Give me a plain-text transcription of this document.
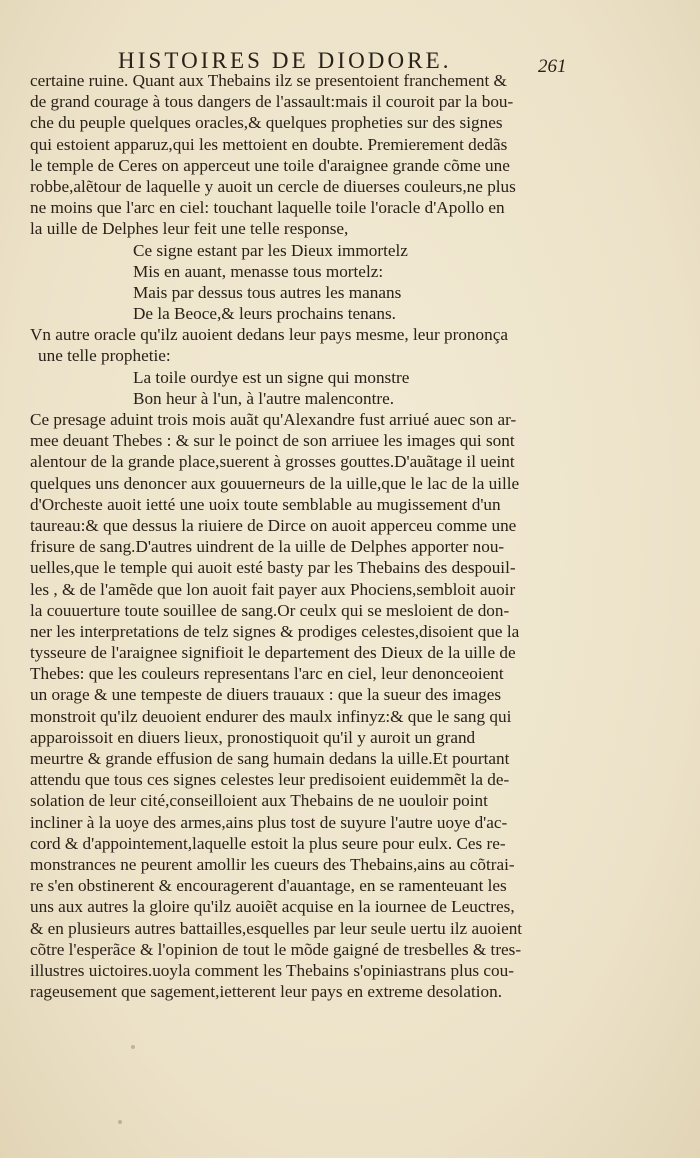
HISTOIRES DE DIODORE.	261
certaine ruine. Quant aux Thebains ilz se presentoient franchement &
de grand courage à tous dangers de l'assault:mais il couroit par la bou-
che du peuple quelques oracles,& quelques propheties sur des signes
qui estoient apparuz,qui les mettoient en doubte. Premierement dedãs
le temple de Ceres on apperceut une toile d'araignee grande cõme une
robbe,alẽtour de laquelle y auoit un cercle de diuerses couleurs,ne plus
ne moins que l'arc en ciel: touchant laquelle toile l'oracle d'Apollo en
la uille de Delphes leur feit une telle response,
Ce signe estant par les Dieux immortelz
Mis en auant, menasse tous mortelz:
Mais par dessus tous autres les manans
De la Beoce,& leurs prochains tenans.
Vn autre oracle qu'ilz auoient dedans leur pays mesme, leur prononça
une telle prophetie:
La toile ourdye est un signe qui monstre
Bon heur à l'un, à l'autre malencontre.
Ce presage aduint trois mois auãt qu'Alexandre fust arriué auec son ar-
mee deuant Thebes : & sur le poinct de son arriuee les images qui sont
alentour de la grande place,suerent à grosses gouttes.D'auãtage il ueint
quelques uns denoncer aux gouuerneurs de la uille,que le lac de la uille
d'Orcheste auoit ietté une uoix toute semblable au mugissement d'un
taureau:& que dessus la riuiere de Dirce on auoit apperceu comme une
frisure de sang.D'autres uindrent de la uille de Delphes apporter nou-
uelles,que le temple qui auoit esté basty par les Thebains des despouil-
les , & de l'amẽde que lon auoit fait payer aux Phociens,sembloit auoir
la couuerture toute souillee de sang.Or ceulx qui se mesloient de don-
ner les interpretations de telz signes & prodiges celestes,disoient que la
tysseure de l'araignee signifioit le departement des Dieux de la uille de
Thebes: que les couleurs representans l'arc en ciel, leur denonceoient
un orage & une tempeste de diuers trauaux : que la sueur des images
monstroit qu'ilz deuoient endurer des maulx infinyz:& que le sang qui
apparoissoit en diuers lieux, pronostiquoit qu'il y auroit un grand
meurtre & grande effusion de sang humain dedans la uille.Et pourtant
attendu que tous ces signes celestes leur predisoient euidemmẽt la de-
solation de leur cité,conseilloient aux Thebains de ne uouloir point
incliner à la uoye des armes,ains plus tost de suyure l'autre uoye d'ac-
cord & d'appointement,laquelle estoit la plus seure pour eulx. Ces re-
monstrances ne peurent amollir les cueurs des Thebains,ains au cõtrai-
re s'en obstinerent & encouragerent d'auantage, en se ramenteuant les
uns aux autres la gloire qu'ilz auoiẽt acquise en la iournee de Leuctres,
& en plusieurs autres battailles,esquelles par leur seule uertu ilz auoient
cõtre l'esperãce & l'opinion de tout le mõde gaigné de tresbelles & tres-
illustres uictoires.uoyla comment les Thebains s'opiniastrans plus cou-
rageusement que sagement,ietterent leur pays en extreme desolation.
